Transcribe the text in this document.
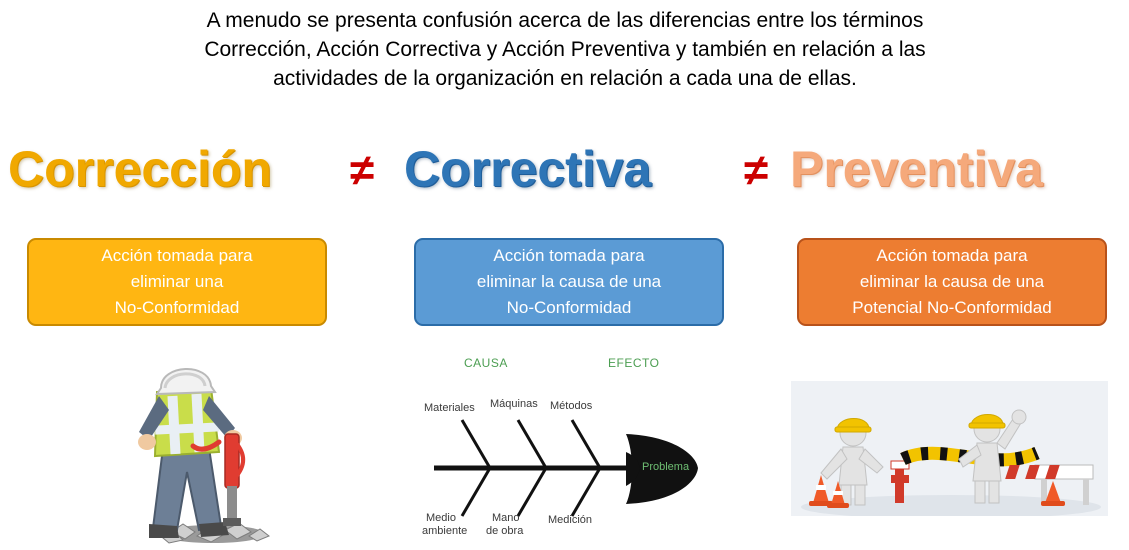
A menudo se presenta confusión acerca de las diferencias entre los términos
Corrección, Acción Correctiva y Acción Preventiva y también en relación a las
actividades de la organización en relación a cada una de ellas.
Corrección ≠ Correctiva ≠ Preventiva
Acción tomada para
eliminar una
No-Conformidad
Acción tomada para
eliminar la causa de una
No-Conformidad
Acción tomada para
eliminar la causa de una
Potencial No-Conformidad
CAUSA	EFECTO
Materiales Máquinas Métodos
Medio
ambiente
Mano
de obra
Medición
Problema
